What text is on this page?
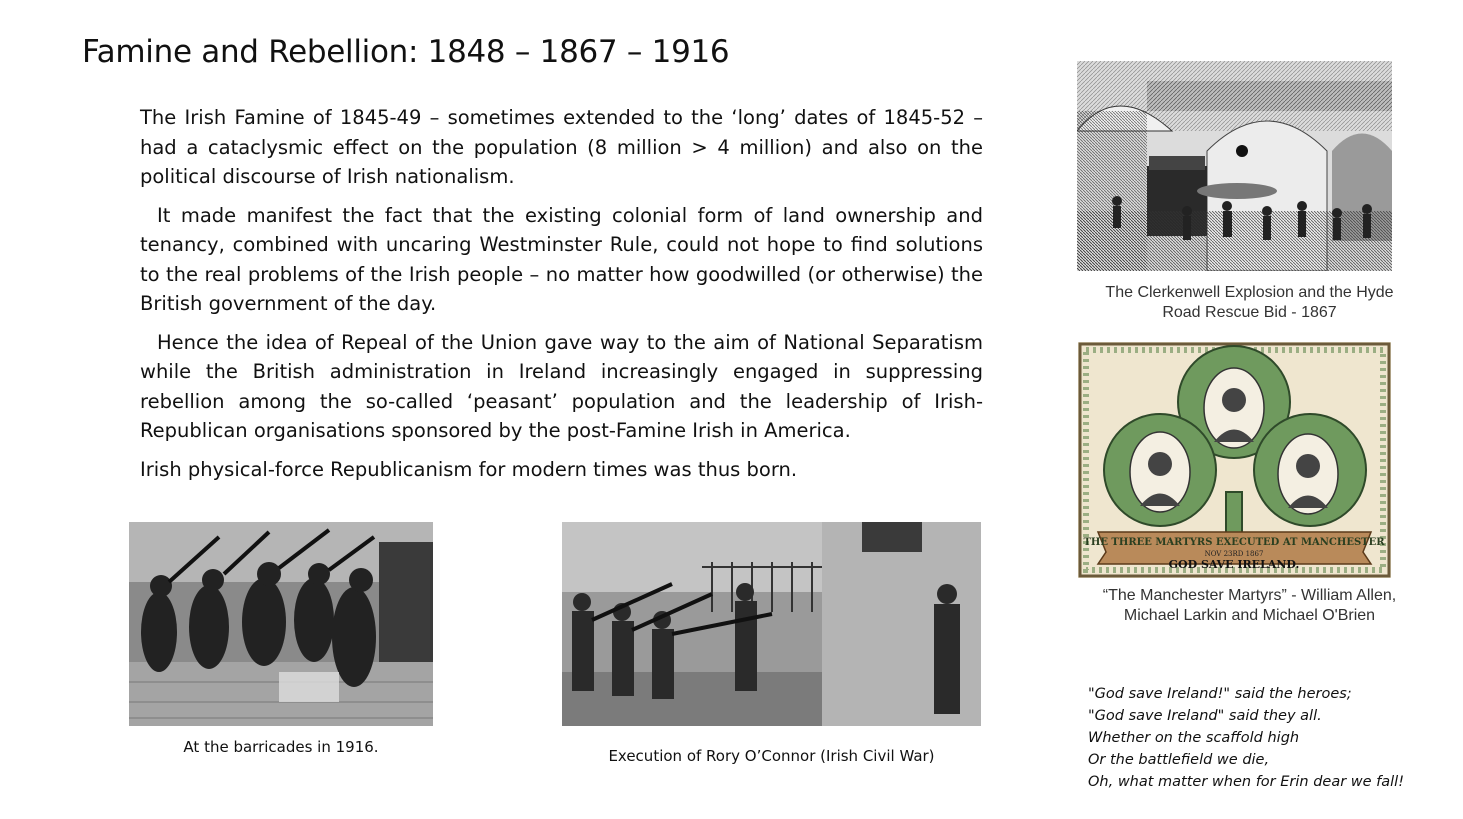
Famine and Rebellion: 1848 – 1867 – 1916

The Irish Famine of 1845-49 – sometimes extended to the ‘long’ dates of 1845-52 – had a cataclysmic effect on the population (8 million > 4 million) and also on the political discourse of Irish nationalism.

It made manifest the fact that the existing colonial form of land ownership and tenancy, combined with uncaring Westminster Rule, could not hope to find solutions to the real problems of the Irish people – no matter how goodwilled (or otherwise) the British government of the day.

Hence the idea of Repeal of the Union gave way to the aim of National Separatism while the British administration in Ireland increasingly engaged in suppressing rebellion among the so-called ‘peasant’ population and the leadership of Irish-Republican organisations sponsored by the post-Famine Irish in America.

Irish physical-force Republicanism for modern times was thus born.

The Clerkenwell Explosion and the Hyde
Road Rescue Bid - 1867
THE THREE MARTYRS EXECUTED AT MANCHESTER
NOV 23RD 1867
GOD SAVE IRELAND.
“The Manchester Martyrs” - William Allen,
Michael Larkin and Michael O'Brien
At the barricades in 1916.	Execution of Rory O’Connor (Irish Civil War)
"God save Ireland!" said the heroes;
"God save Ireland" said they all.
Whether on the scaffold high
Or the battlefield we die,
Oh, what matter when for Erin dear we fall!
